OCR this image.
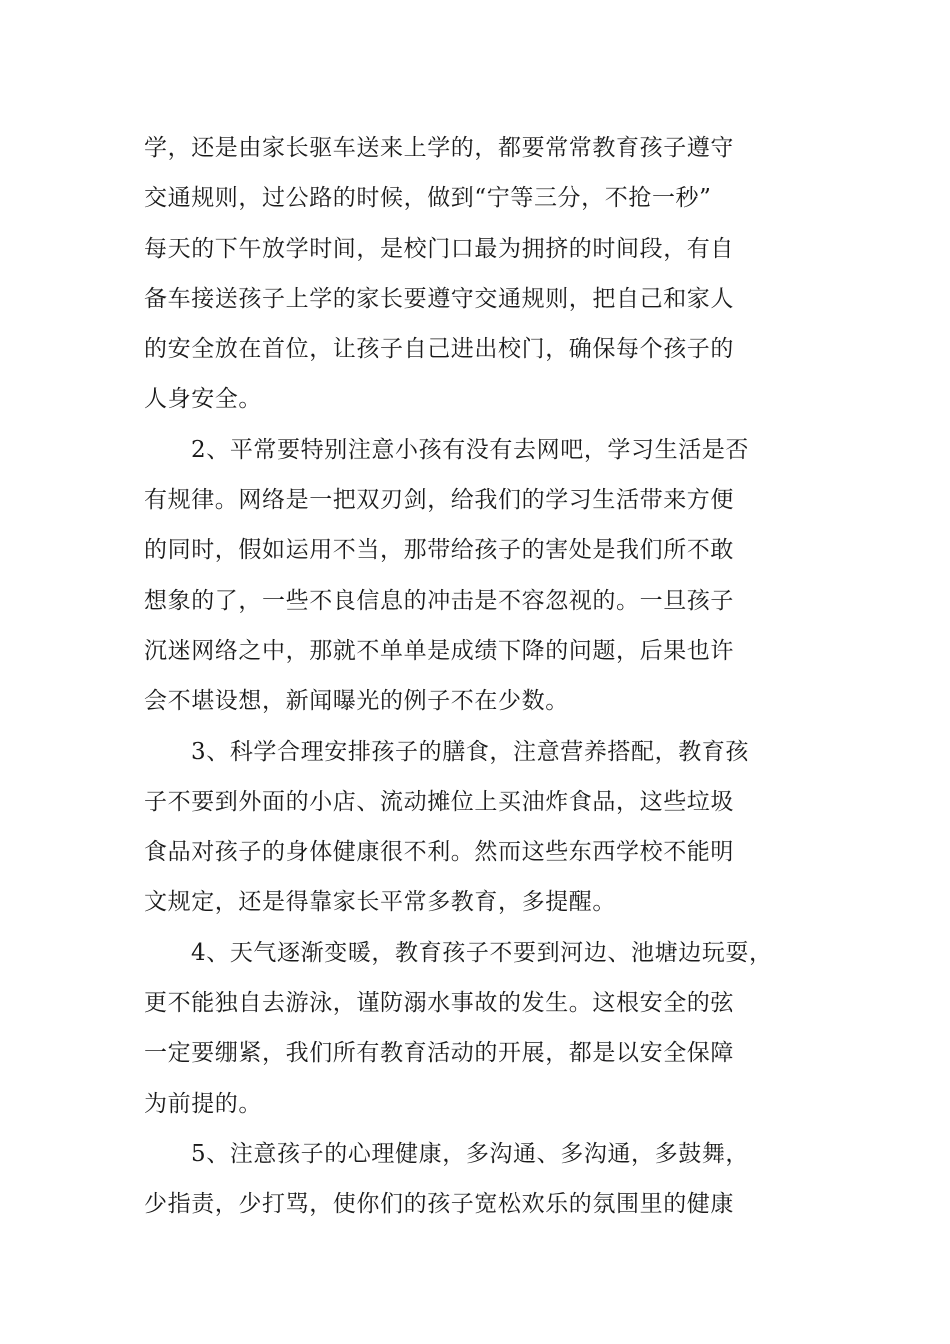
学，还是由家长驱车送来上学的，都要常常教育孩子遵守
交通规则，过公路的时候，做到“宁等三分，不抢一秒”
每天的下午放学时间，是校门口最为拥挤的时间段，有自
备车接送孩子上学的家长要遵守交通规则，把自己和家人
的安全放在首位，让孩子自己进出校门，确保每个孩子的
人身安全。
2、平常要特别注意小孩有没有去网吧，学习生活是否
有规律。网络是一把双刃剑，给我们的学习生活带来方便
的同时，假如运用不当，那带给孩子的害处是我们所不敢
想象的了，一些不良信息的冲击是不容忽视的。一旦孩子
沉迷网络之中，那就不单单是成绩下降的问题，后果也许
会不堪设想，新闻曝光的例子不在少数。
3、科学合理安排孩子的膳食，注意营养搭配，教育孩
子不要到外面的小店、流动摊位上买油炸食品，这些垃圾
食品对孩子的身体健康很不利。然而这些东西学校不能明
文规定，还是得靠家长平常多教育，多提醒。
4、天气逐渐变暖，教育孩子不要到河边、池塘边玩耍，
更不能独自去游泳，谨防溺水事故的发生。这根安全的弦
一定要绷紧，我们所有教育活动的开展，都是以安全保障
为前提的。
5、注意孩子的心理健康，多沟通、多沟通，多鼓舞，
少指责，少打骂，使你们的孩子宽松欢乐的氛围里的健康
